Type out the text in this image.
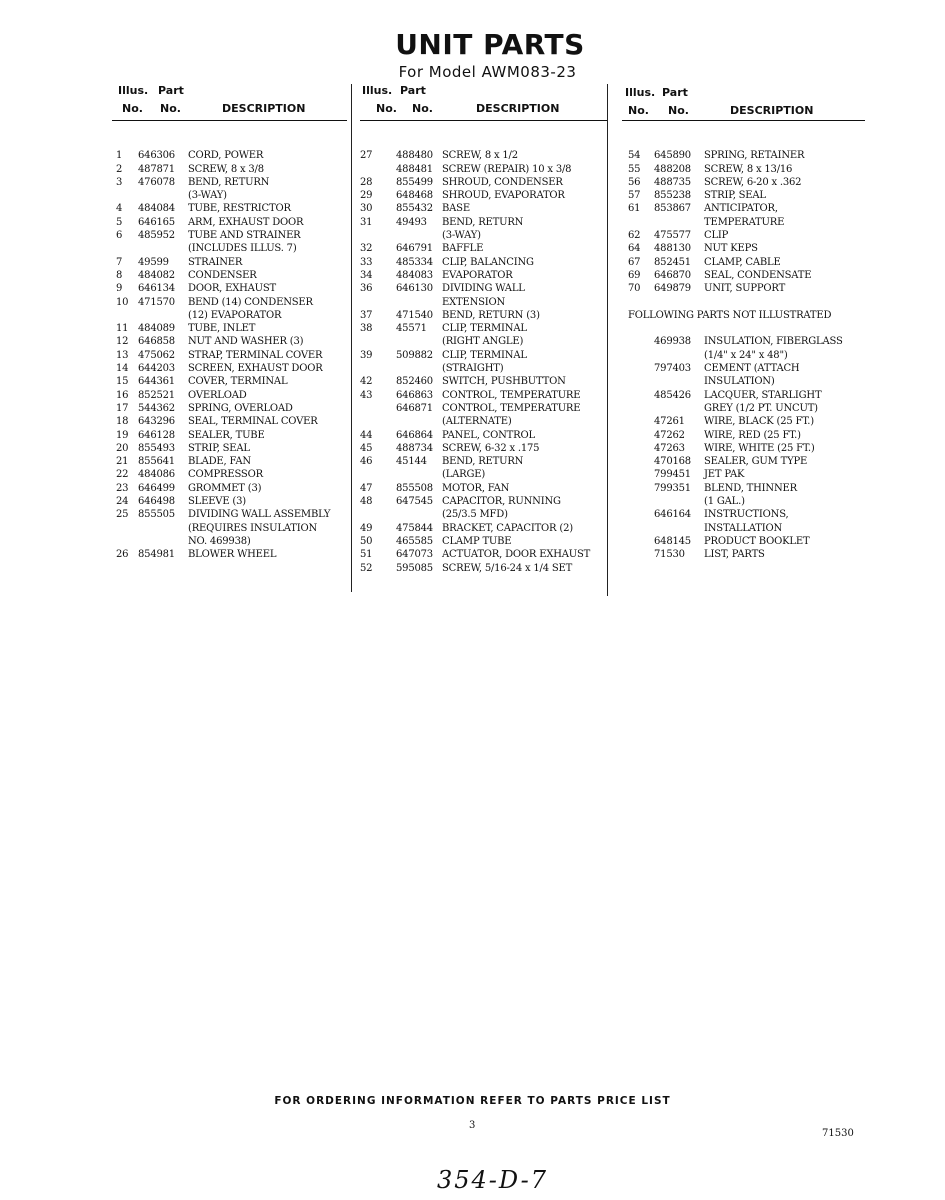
UNIT PARTS
For Model AWM083-23
Illus. Part
No. No.	DESCRIPTION
1 646306 CORD, POWER
2 487871 SCREW, 8 x 3/8
3 476078 BEND, RETURN
(3-WAY)
4 484084 TUBE, RESTRICTOR
5 646165 ARM, EXHAUST DOOR
6 485952 TUBE AND STRAINER
(INCLUDES ILLUS. 7)
7 49599 STRAINER
8 484082 CONDENSER
9 646134 DOOR, EXHAUST
10 471570 BEND (14) CONDENSER
(12) EVAPORATOR
11 484089 TUBE, INLET
12 646858 NUT AND WASHER (3)
13 475062 STRAP, TERMINAL COVER
14 644203 SCREEN, EXHAUST DOOR
15 644361 COVER, TERMINAL
16 852521 OVERLOAD
17 544362 SPRING, OVERLOAD
18 643296 SEAL, TERMINAL COVER
19 646128 SEALER, TUBE
20 855493 STRIP, SEAL
21 855641 BLADE, FAN
22 484086 COMPRESSOR
23 646499 GROMMET (3)
24 646498 SLEEVE (3)
25 855505 DIVIDING WALL ASSEMBLY
(REQUIRES INSULATION
NO. 469938)
26 854981 BLOWER WHEEL
Illus. Part
No. No.	DESCRIPTION
27 488480 SCREW, 8 x 1/2
488481 SCREW (REPAIR) 10 x 3/8
28 855499 SHROUD, CONDENSER
29 648468 SHROUD, EVAPORATOR
30 855432 BASE
31 49493 BEND, RETURN
(3-WAY)
32 646791 BAFFLE
33 485334 CLIP, BALANCING
34 484083 EVAPORATOR
36 646130 DIVIDING WALL
EXTENSION
37 471540 BEND, RETURN (3)
38 45571 CLIP, TERMINAL
(RIGHT ANGLE)
39 509882 CLIP, TERMINAL
(STRAIGHT)
42 852460 SWITCH, PUSHBUTTON
43 646863 CONTROL, TEMPERATURE
646871 CONTROL, TEMPERATURE
(ALTERNATE)
44 646864 PANEL, CONTROL
45 488734 SCREW, 6-32 x .175
46 45144 BEND, RETURN
(LARGE)
47 855508 MOTOR, FAN
48 647545 CAPACITOR, RUNNING
(25/3.5 MFD)
49 475844 BRACKET, CAPACITOR (2)
50 465585 CLAMP TUBE
51 647073 ACTUATOR, DOOR EXHAUST
52 595085 SCREW, 5/16-24 x 1/4 SET
Illus. Part
No. No.	DESCRIPTION
54 645890 SPRING, RETAINER
55 488208 SCREW, 8 x 13/16
56 488735 SCREW, 6-20 x .362
57 855238 STRIP, SEAL
61 853867 ANTICIPATOR,
TEMPERATURE
62 475577 CLIP
64 488130 NUT KEPS
67 852451 CLAMP, CABLE
69 646870 SEAL, CONDENSATE
70 649879 UNIT, SUPPORT
FOLLOWING PARTS NOT ILLUSTRATED
469938 INSULATION, FIBERGLASS
(1/4" x 24" x 48")
797403 CEMENT (ATTACH
INSULATION)
485426 LACQUER, STARLIGHT
GREY (1/2 PT. UNCUT)
47261 WIRE, BLACK (25 FT.)
47262 WIRE, RED (25 FT.)
47263 WIRE, WHITE (25 FT.)
470168 SEALER, GUM TYPE
799451 JET PAK
799351 BLEND, THINNER
(1 GAL.)
646164 INSTRUCTIONS,
INSTALLATION
648145 PRODUCT BOOKLET
71530 LIST, PARTS
FOR ORDERING INFORMATION REFER TO PARTS PRICE LIST
3
71530
354-D-7
